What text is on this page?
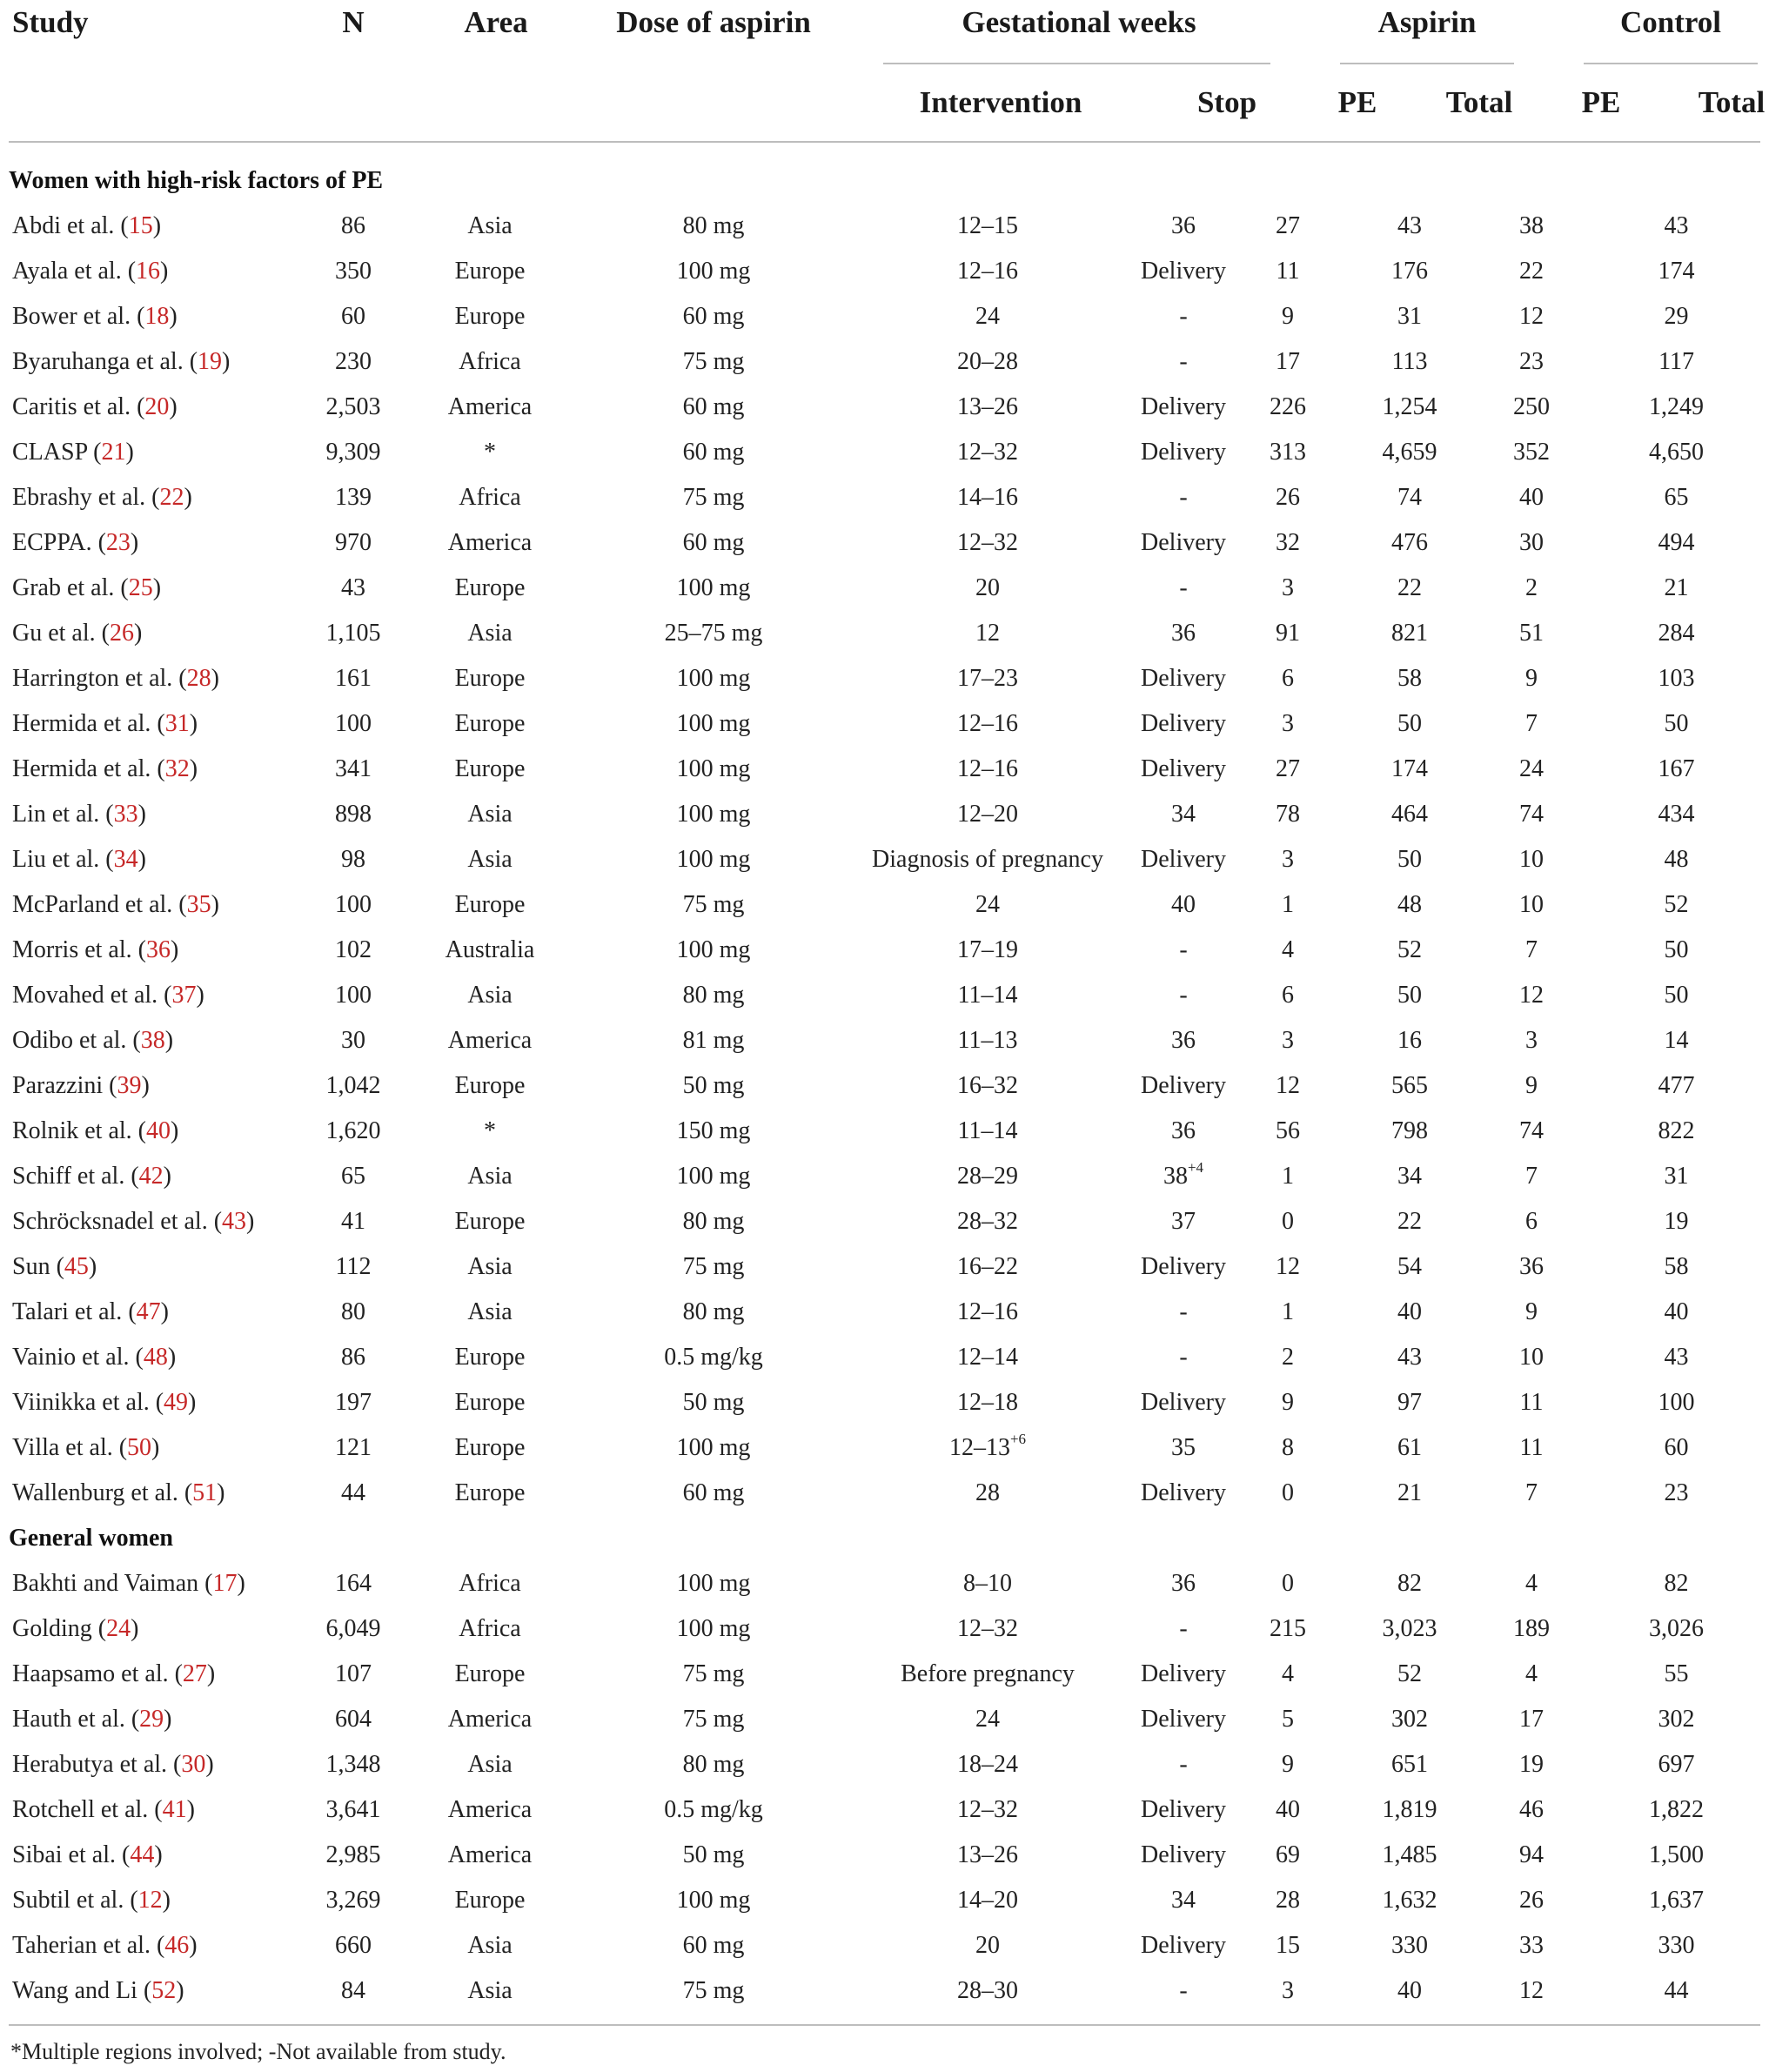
Study	N	Area	Dose of aspirin	Gestational weeks	Aspirin	Control
Intervention	Stop	PE	Total	PE	Total
Women with high-risk factors of PE									
Abdi et al. (15)	86	Asia	80 mg	12–15	36	27	43	38	43
Ayala et al. (16)	350	Europe	100 mg	12–16	Delivery	11	176	22	174
Bower et al. (18)	60	Europe	60 mg	24	-	9	31	12	29
Byaruhanga et al. (19)	230	Africa	75 mg	20–28	-	17	113	23	117
Caritis et al. (20)	2,503	America	60 mg	13–26	Delivery	226	1,254	250	1,249
CLASP (21)	9,309	*	60 mg	12–32	Delivery	313	4,659	352	4,650
Ebrashy et al. (22)	139	Africa	75 mg	14–16	-	26	74	40	65
ECPPA. (23)	970	America	60 mg	12–32	Delivery	32	476	30	494
Grab et al. (25)	43	Europe	100 mg	20	-	3	22	2	21
Gu et al. (26)	1,105	Asia	25–75 mg	12	36	91	821	51	284
Harrington et al. (28)	161	Europe	100 mg	17–23	Delivery	6	58	9	103
Hermida et al. (31)	100	Europe	100 mg	12–16	Delivery	3	50	7	50
Hermida et al. (32)	341	Europe	100 mg	12–16	Delivery	27	174	24	167
Lin et al. (33)	898	Asia	100 mg	12–20	34	78	464	74	434
Liu et al. (34)	98	Asia	100 mg	Diagnosis of pregnancy	Delivery	3	50	10	48
McParland et al. (35)	100	Europe	75 mg	24	40	1	48	10	52
Morris et al. (36)	102	Australia	100 mg	17–19	-	4	52	7	50
Movahed et al. (37)	100	Asia	80 mg	11–14	-	6	50	12	50
Odibo et al. (38)	30	America	81 mg	11–13	36	3	16	3	14
Parazzini (39)	1,042	Europe	50 mg	16–32	Delivery	12	565	9	477
Rolnik et al. (40)	1,620	*	150 mg	11–14	36	56	798	74	822
Schiff et al. (42)	65	Asia	100 mg	28–29	$38^{+4}$	1	34	7	31
Schröcksnadel et al. (43)	41	Europe	80 mg	28–32	37	0	22	6	19
Sun (45)	112	Asia	75 mg	16–22	Delivery	12	54	36	58
Talari et al. (47)	80	Asia	80 mg	12–16	-	1	40	9	40
Vainio et al. (48)	86	Europe	0.5 mg/kg	12–14	-	2	43	10	43
Viinikka et al. (49)	197	Europe	50 mg	12–18	Delivery	9	97	11	100
Villa et al. (50)	121	Europe	100 mg	$12-13^{+6}$	35	8	61	11	60
Wallenburg et al. (51)	44	Europe	60 mg	28	Delivery	0	21	7	23
General women									
Bakhti and Vaiman (17)	164	Africa	100 mg	8–10	36	0	82	4	82
Golding (24)	6,049	Africa	100 mg	12–32	-	215	3,023	189	3,026
Haapsamo et al. (27)	107	Europe	75 mg	Before pregnancy	Delivery	4	52	4	55
Hauth et al. (29)	604	America	75 mg	24	Delivery	5	302	17	302
Herabutya et al. (30)	1,348	Asia	80 mg	18–24	-	9	651	19	697
Rotchell et al. (41)	3,641	America	0.5 mg/kg	12–32	Delivery	40	1,819	46	1,822
Sibai et al. (44)	2,985	America	50 mg	13–26	Delivery	69	1,485	94	1,500
Subtil et al. (12)	3,269	Europe	100 mg	14–20	34	28	1,632	26	1,637
Taherian et al. (46)	660	Asia	60 mg	20	Delivery	15	330	33	330
Wang and Li (52)	84	Asia	75 mg	28–30	-	3	40	12	44
*Multiple regions involved; -Not available from study.
